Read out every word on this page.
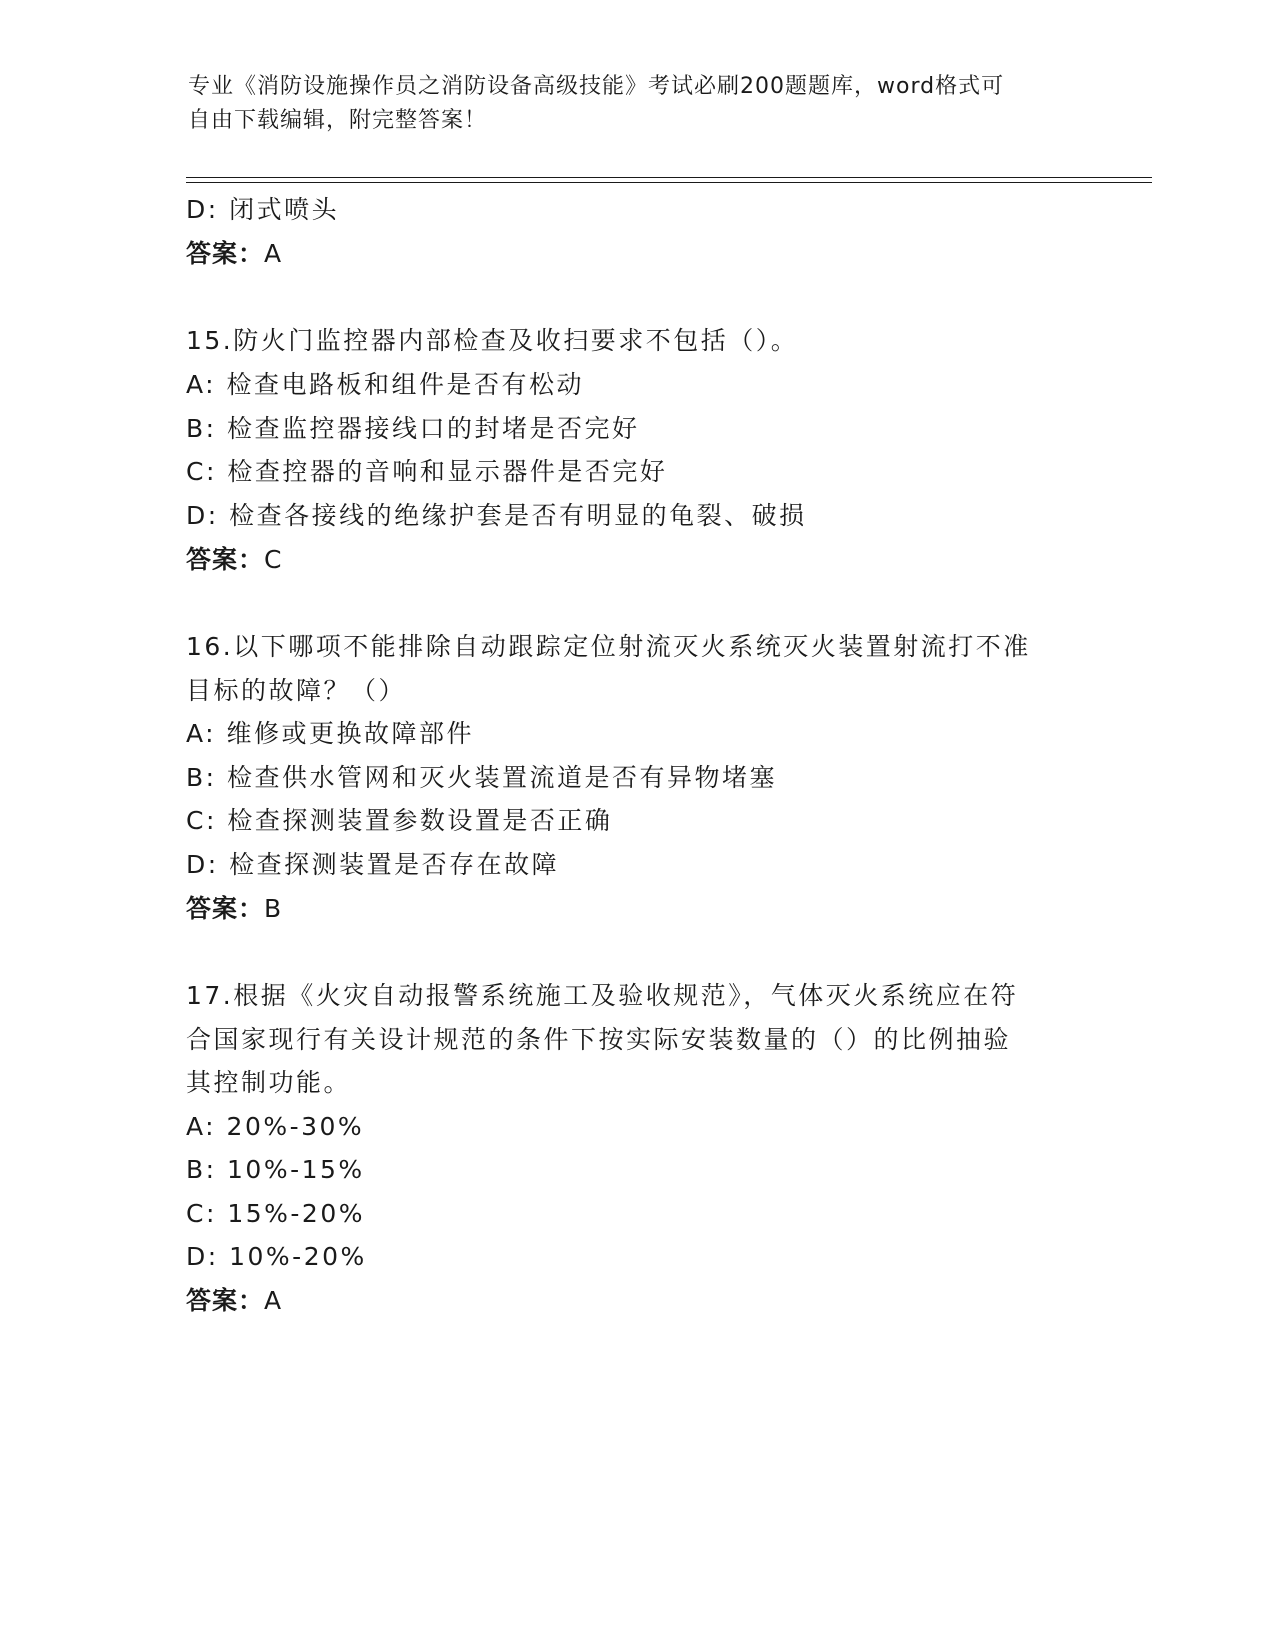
专业《消防设施操作员之消防设备高级技能》考试必刷200题题库，word格式可
自由下载编辑，附完整答案！
D: 闭式喷头
答案：A
15.防火门监控器内部检查及收扫要求不包括（）。
A: 检查电路板和组件是否有松动
B: 检查监控器接线口的封堵是否完好
C: 检查控器的音响和显示器件是否完好
D: 检查各接线的绝缘护套是否有明显的龟裂、破损
答案：C
16.以下哪项不能排除自动跟踪定位射流灭火系统灭火装置射流打不准
目标的故障？（）
A: 维修或更换故障部件
B: 检查供水管网和灭火装置流道是否有异物堵塞
C: 检查探测装置参数设置是否正确
D: 检查探测装置是否存在故障
答案：B
17.根据《火灾自动报警系统施工及验收规范》，气体灭火系统应在符
合国家现行有关设计规范的条件下按实际安装数量的（）的比例抽验
其控制功能。
A: 20%-30%
B: 10%-15%
C: 15%-20%
D: 10%-20%
答案：A
